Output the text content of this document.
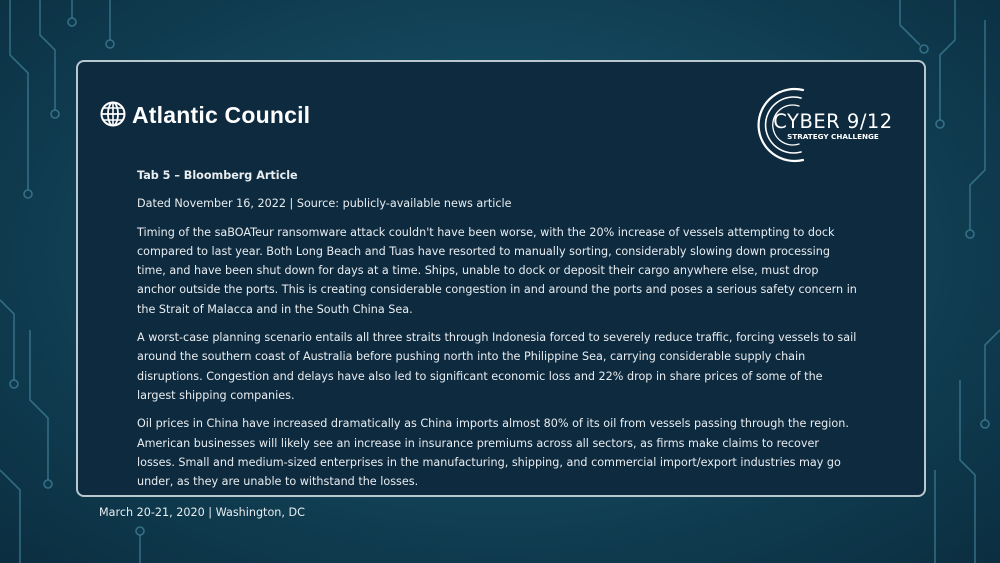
Atlantic Council	CYBER 9/12
STRATEGY CHALLENGE

Tab 5 – Bloomberg Article

Dated November 16, 2022 | Source: publicly-available news article

Timing of the saBOATeur ransomware attack couldn't have been worse, with the 20% increase of vessels attempting to dock compared to last year. Both Long Beach and Tuas have resorted to manually sorting, considerably slowing down processing time, and have been shut down for days at a time. Ships, unable to dock or deposit their cargo anywhere else, must drop anchor outside the ports. This is creating considerable congestion in and around the ports and poses a serious safety concern in the Strait of Malacca and in the South China Sea.

A worst-case planning scenario entails all three straits through Indonesia forced to severely reduce traffic, forcing vessels to sail around the southern coast of Australia before pushing north into the Philippine Sea, carrying considerable supply chain disruptions. Congestion and delays have also led to significant economic loss and 22% drop in share prices of some of the largest shipping companies.

Oil prices in China have increased dramatically as China imports almost 80% of its oil from vessels passing through the region. American businesses will likely see an increase in insurance premiums across all sectors, as firms make claims to recover losses. Small and medium-sized enterprises in the manufacturing, shipping, and commercial import/export industries may go under, as they are unable to withstand the losses.

March 20-21, 2020 | Washington, DC
